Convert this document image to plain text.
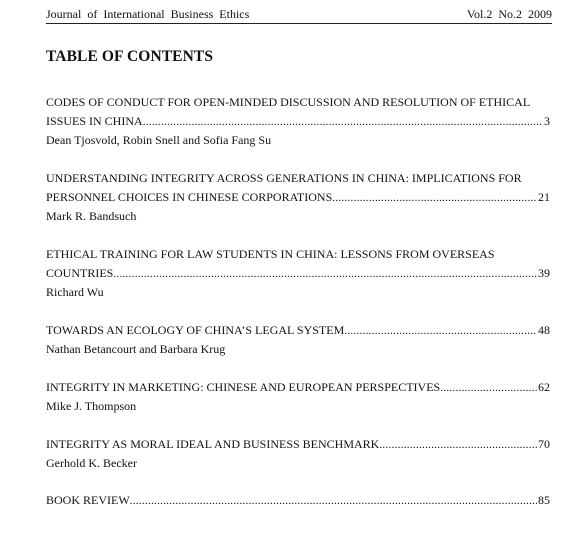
Journal  of  International  Business  Ethics	Vol.2  No.2  2009
TABLE OF CONTENTS
CODES OF CONDUCT FOR OPEN-MINDED DISCUSSION AND RESOLUTION OF ETHICAL
ISSUES IN CHINA .....	3
Dean Tjosvold, Robin Snell and Sofia Fang Su
UNDERSTANDING INTEGRITY ACROSS GENERATIONS IN CHINA: IMPLICATIONS FOR
PERSONNEL CHOICES IN CHINESE CORPORATIONS .....	21
Mark R. Bandsuch
ETHICAL TRAINING FOR LAW STUDENTS IN CHINA: LESSONS FROM OVERSEAS
COUNTRIES .....	39
Richard Wu
TOWARDS AN ECOLOGY OF CHINA’S LEGAL SYSTEM .....	48
Nathan Betancourt and Barbara Krug
INTEGRITY IN MARKETING: CHINESE AND EUROPEAN PERSPECTIVES .....	62
Mike J. Thompson
INTEGRITY AS MORAL IDEAL AND BUSINESS BENCHMARK .....	70
Gerhold K. Becker
BOOK REVIEW .....	85
